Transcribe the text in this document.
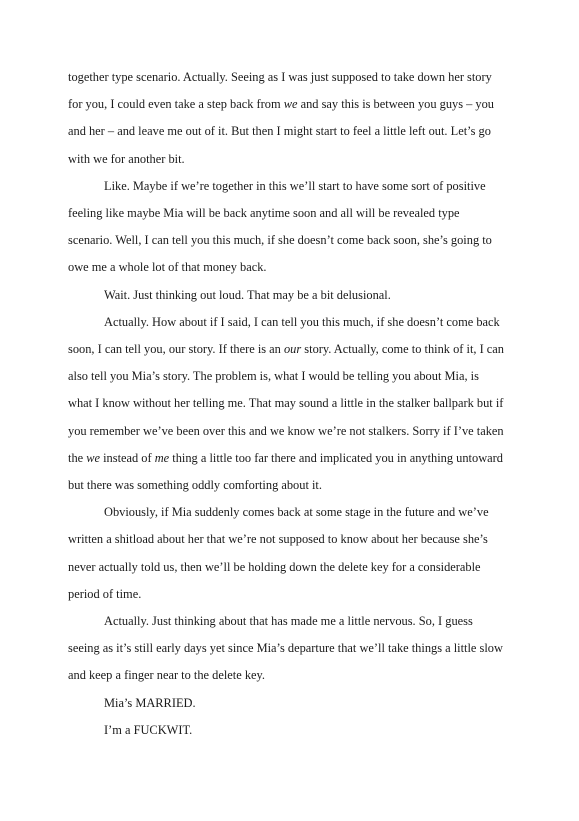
together type scenario. Actually. Seeing as I was just supposed to take down her story for you, I could even take a step back from we and say this is between you guys – you and her – and leave me out of it. But then I might start to feel a little left out. Let’s go with we for another bit.

Like. Maybe if we’re together in this we’ll start to have some sort of positive feeling like maybe Mia will be back anytime soon and all will be revealed type scenario. Well, I can tell you this much, if she doesn’t come back soon, she’s going to owe me a whole lot of that money back.

Wait. Just thinking out loud. That may be a bit delusional.

Actually. How about if I said, I can tell you this much, if she doesn’t come back soon, I can tell you, our story. If there is an our story. Actually, come to think of it, I can also tell you Mia’s story. The problem is, what I would be telling you about Mia, is what I know without her telling me. That may sound a little in the stalker ballpark but if you remember we’ve been over this and we know we’re not stalkers. Sorry if I’ve taken the we instead of me thing a little too far there and implicated you in anything untoward but there was something oddly comforting about it.

Obviously, if Mia suddenly comes back at some stage in the future and we’ve written a shitload about her that we’re not supposed to know about her because she’s never actually told us, then we’ll be holding down the delete key for a considerable period of time.

Actually. Just thinking about that has made me a little nervous. So, I guess seeing as it’s still early days yet since Mia’s departure that we’ll take things a little slow and keep a finger near to the delete key.

Mia’s MARRIED.

I’m a FUCKWIT.
